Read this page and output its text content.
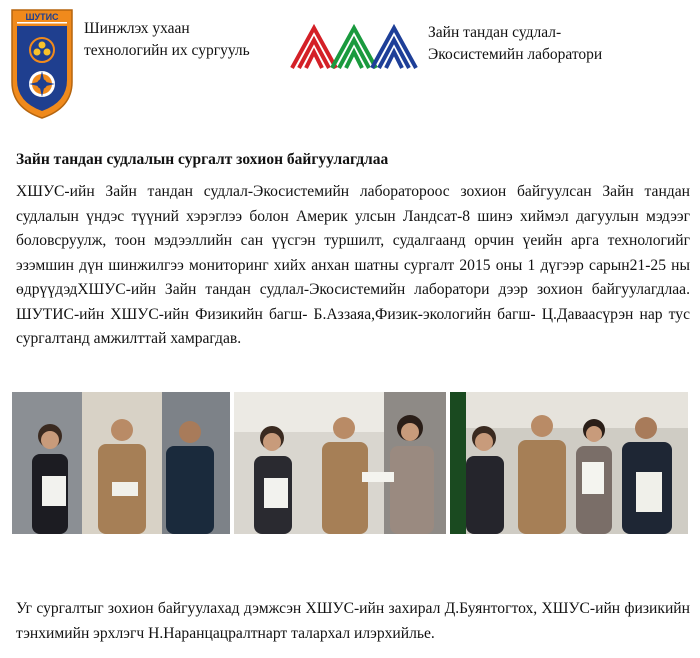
ШУТИС
Шинжлэх ухаан
технологийн их сургууль
Зайн тандан судлал-
Экосистемийн лаборатори
Зайн тандан судлалын сургалт зохион байгуулагдлаа

ХШУС-ийн Зайн тандан судлал-Экосистемийн лаборатороос зохион байгуулсан Зайн тандан судлалын үндэс түүний хэрэглээ болон Америк улсын Ландсат-8 шинэ хиймэл дагуулын мэдээг боловсруулж, тоон мэдээллийн сан үүсгэн туршилт, судалгаанд орчин үеийн арга технологийг эзэмшин дүн шинжилгээ мониторинг хийх анхан шатны сургалт 2015 оны 1 дүгээр сарын21-25 ны өдрүүдэдХШУС-ийн Зайн тандан судлал-Экосистемийн лаборатори дээр зохион байгуулагдлаа. ШУТИС-ийн ХШУС-ийн Физикийн багш- Б.Аззаяа,Физик-экологийн багш- Ц.Даваасүрэн нар тус сургалтанд амжилттай хамрагдав.

Уг сургалтыг зохион байгуулахад дэмжсэн ХШУС-ийн захирал Д.Буянтогтох, ХШУС-ийн физикийн тэнхимийн эрхлэгч Н.Наранцацралтнарт талархал илэрхийлье.
